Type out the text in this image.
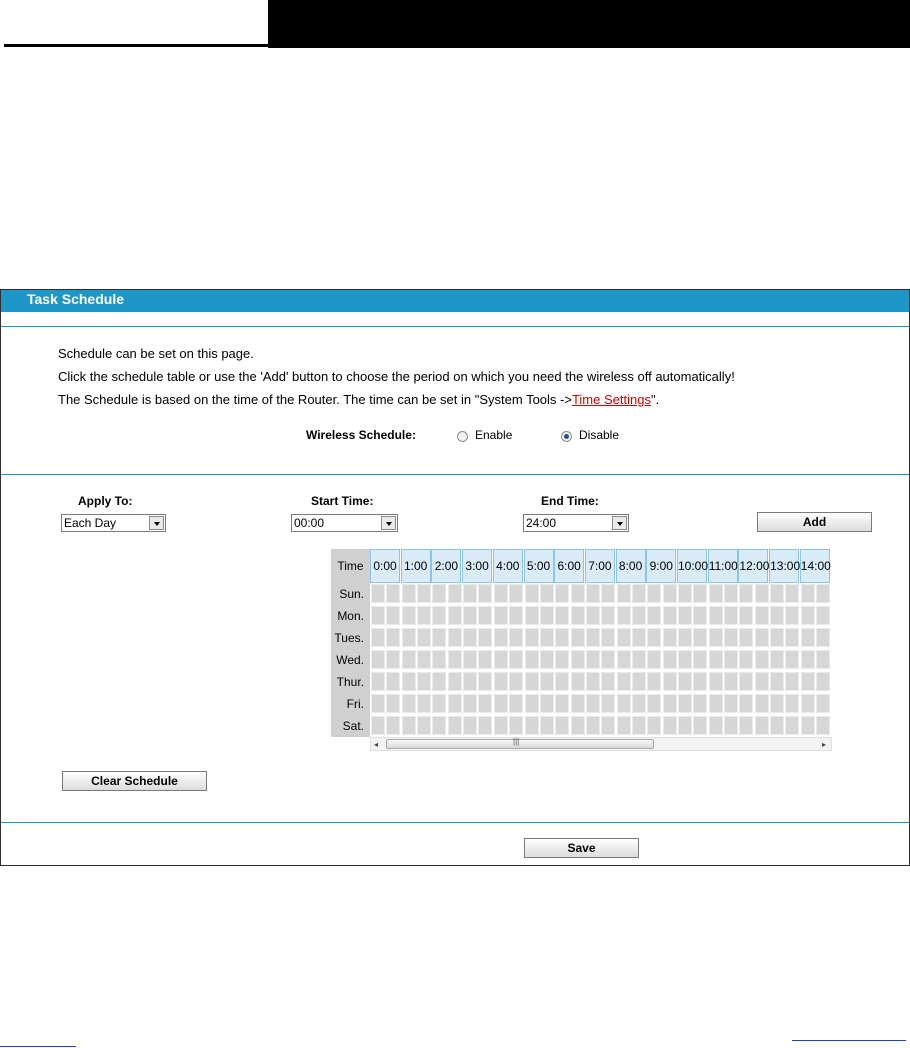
Task Schedule
Schedule can be set on this page.
Click the schedule table or use the 'Add' button to choose the period on which you need the wireless off automatically!
The Schedule is based on the time of the Router. The time can be set in "System Tools ->Time Settings".
Wireless Schedule:	Enable	Disable
Apply To:	Start Time:	End Time:
Each Day	00:00	24:00	Add
Time 0:00 1:00 2:00 3:00 4:00 5:00 6:00 7:00 8:00 9:00 10:00 11:00 12:00 13:00 14:00
Sun.
Mon.
Tues.
Wed.
Thur.
Fri.
Sat.
◂	|||	▸
Clear Schedule
Save
